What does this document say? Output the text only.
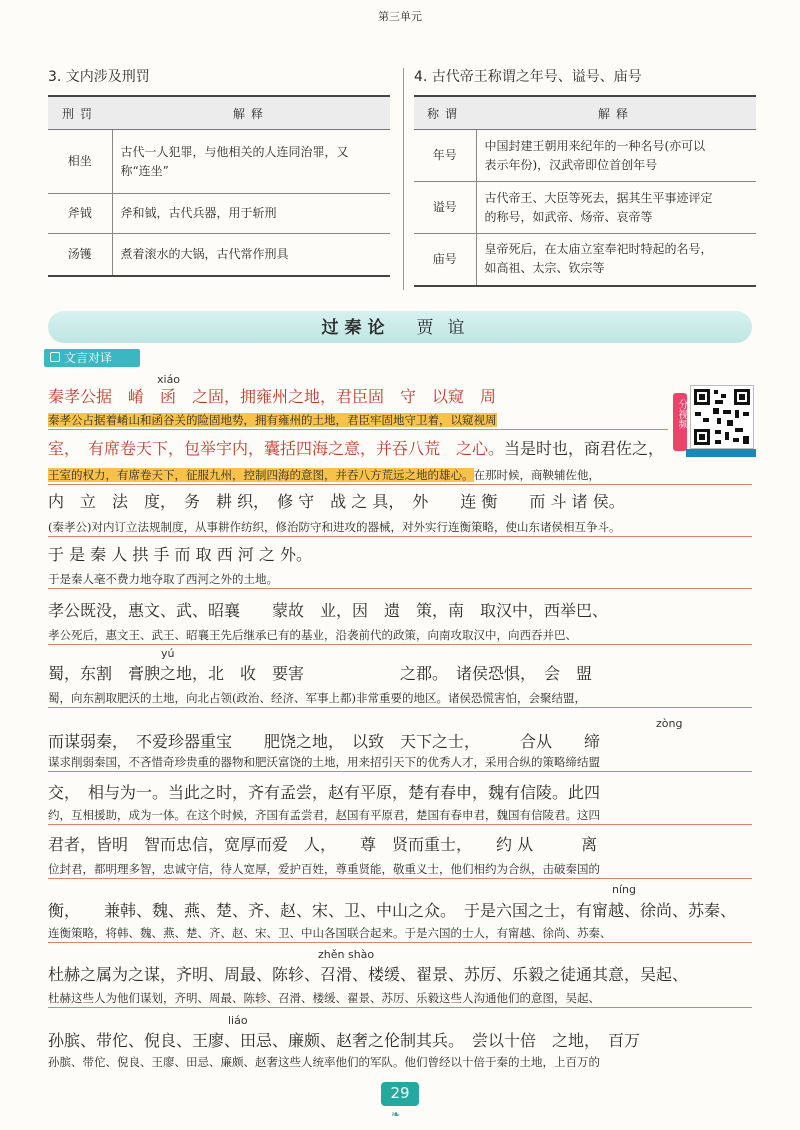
第三单元
3. 文内涉及刑罚
刑罚	解释
相坐	古代一人犯罪，与他相关的人连同治罪，又
称“连坐”

斧钺	斧和钺，古代兵器，用于斩刑
汤镬	煮着滚水的大锅，古代常作刑具
4. 古代帝王称谓之年号、谥号、庙号
称谓	解释
年号	中国封建王朝用来纪年的一种名号(亦可以
表示年份)，汉武帝即位首创年号

谥号	古代帝王、大臣等死去，据其生平事迹评定
的称号，如武帝、炀帝、哀帝等

庙号	皇帝死后，在太庙立室奉祀时特起的名号，
如高祖、太宗、钦宗等
过秦论 贾谊
文言对译
分视频
xiáo
yú
zòng
níng
zhěn shào
liáo
秦孝公据　崤　函　之固，拥雍州之地，君臣固　守　以窥　周
秦孝公占据着崤山和函谷关的险固地势，拥有雍州的土地，君臣牢固地守卫着，以窥视周
室，　有席卷天下，包举宇内，囊括四海之意，并吞八荒　之心。当是时也，商君佐之，
王室的权力，有席卷天下，征服九州，控制四海的意图，并吞八方荒远之地的雄心。在那时候，商鞅辅佐他，
内　立　法　度，　务　耕 织，　修 守　战 之 具，　外　　连 衡　　而 斗 诸 侯。
(秦孝公)对内订立法规制度，从事耕作纺织，修治防守和进攻的器械，对外实行连衡策略，使山东诸侯相互争斗。
于 是 秦 人 拱 手 而 取 西 河 之 外。
于是秦人毫不费力地夺取了西河之外的土地。
孝公既没，惠文、武、昭襄　　蒙故　业，因　遗　策，南　取汉中，西举巴、
孝公死后，惠文王、武王、昭襄王先后继承已有的基业，沿袭前代的政策，向南攻取汉中，向西吞并巴、
蜀，东割　膏腴之地，北　收　要害　　　　　　之郡。　诸侯恐惧，　会　盟
蜀，向东割取肥沃的土地，向北占领(政治、经济、军事上都)非常重要的地区。诸侯恐慌害怕，会聚结盟，
而谋弱秦，　不爱珍器重宝　　肥饶之地，　以致　天下之士，　　　合从　　缔
谋求削弱秦国，不吝惜奇珍贵重的器物和肥沃富饶的土地，用来招引天下的优秀人才，采用合纵的策略缔结盟
交，　相与为一。当此之时，齐有孟尝，赵有平原，楚有春申，魏有信陵。此四
约，互相援助，成为一体。在这个时候，齐国有孟尝君，赵国有平原君，楚国有春申君，魏国有信陵君。这四
君者，皆明　智而忠信，宽厚而爱　人，　　尊　贤而重士，　　约 从　　　离
位封君，都明理多智，忠诚守信，待人宽厚，爱护百姓，尊重贤能，敬重义士，他们相约为合纵，击破秦国的
衡，　　兼韩、魏、燕、楚、齐、赵、宋、卫、中山之众。　于是六国之士，有甯越、徐尚、苏秦、
连衡策略，将韩、魏、燕、楚、齐、赵、宋、卫、中山各国联合起来。于是六国的士人，有甯越、徐尚、苏秦、
杜赫之属为之谋，齐明、周最、陈轸、召滑、楼缓、翟景、苏厉、乐毅之徒通其意，吴起、
杜赫这些人为他们谋划，齐明、周最、陈轸、召滑、楼缓、翟景、苏厉、乐毅这些人沟通他们的意图，吴起、
孙膑、带佗、倪良、王廖、田忌、廉颇、赵奢之伦制其兵。　尝以十倍　之地，　百万
孙膑、带佗、倪良、王廖、田忌、廉颇、赵奢这些人统率他们的军队。他们曾经以十倍于秦的土地，上百万的
29
❧
